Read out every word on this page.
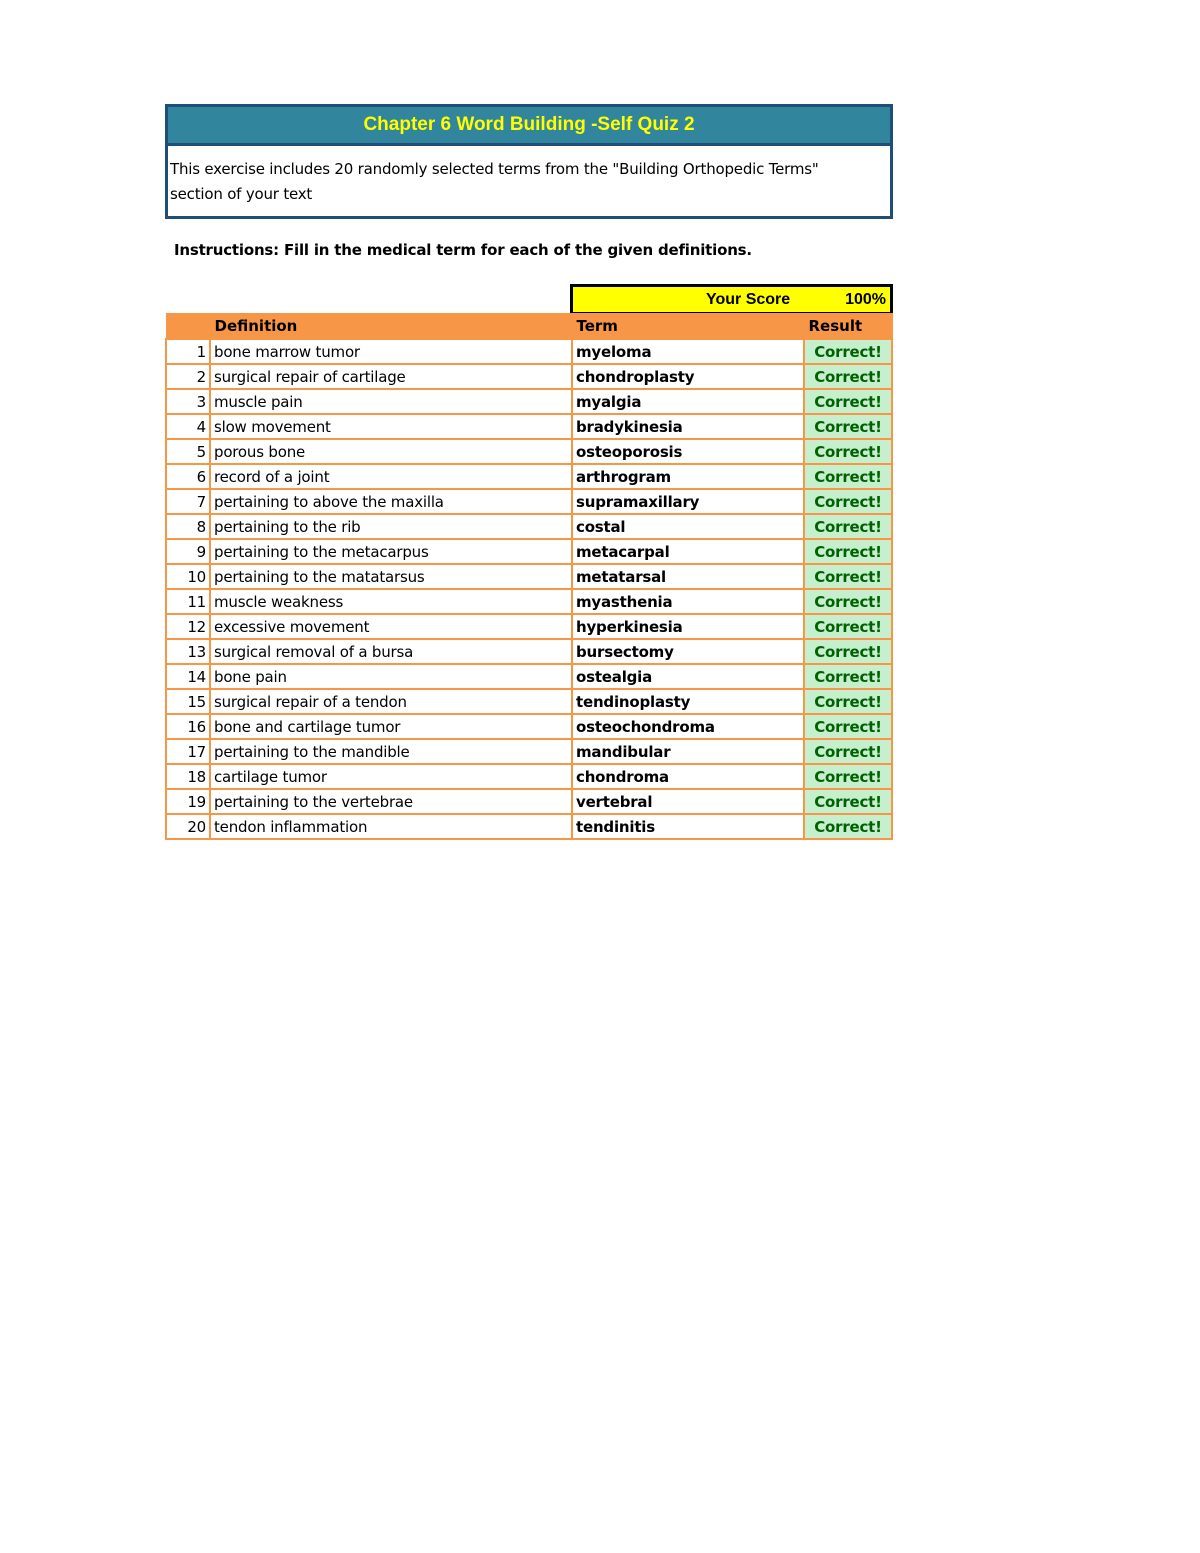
Chapter 6 Word Building -Self Quiz 2
This exercise includes 20 randomly selected terms from the "Building Orthopedic Terms"
section of your text
Instructions: Fill in the medical term for each of the given definitions.
Your Score	100%
	Definition	Term	Result
1	bone marrow tumor	myeloma	Correct!
2	surgical repair of cartilage	chondroplasty	Correct!
3	muscle pain	myalgia	Correct!
4	slow movement	bradykinesia	Correct!
5	porous bone	osteoporosis	Correct!
6	record of a joint	arthrogram	Correct!
7	pertaining to above the maxilla	supramaxillary	Correct!
8	pertaining to the rib	costal	Correct!
9	pertaining to the metacarpus	metacarpal	Correct!
10	pertaining to the matatarsus	metatarsal	Correct!
11	muscle weakness	myasthenia	Correct!
12	excessive movement	hyperkinesia	Correct!
13	surgical removal of a bursa	bursectomy	Correct!
14	bone pain	ostealgia	Correct!
15	surgical repair of a tendon	tendinoplasty	Correct!
16	bone and cartilage tumor	osteochondroma	Correct!
17	pertaining to the mandible	mandibular	Correct!
18	cartilage tumor	chondroma	Correct!
19	pertaining to the vertebrae	vertebral	Correct!
20	tendon inflammation	tendinitis	Correct!
